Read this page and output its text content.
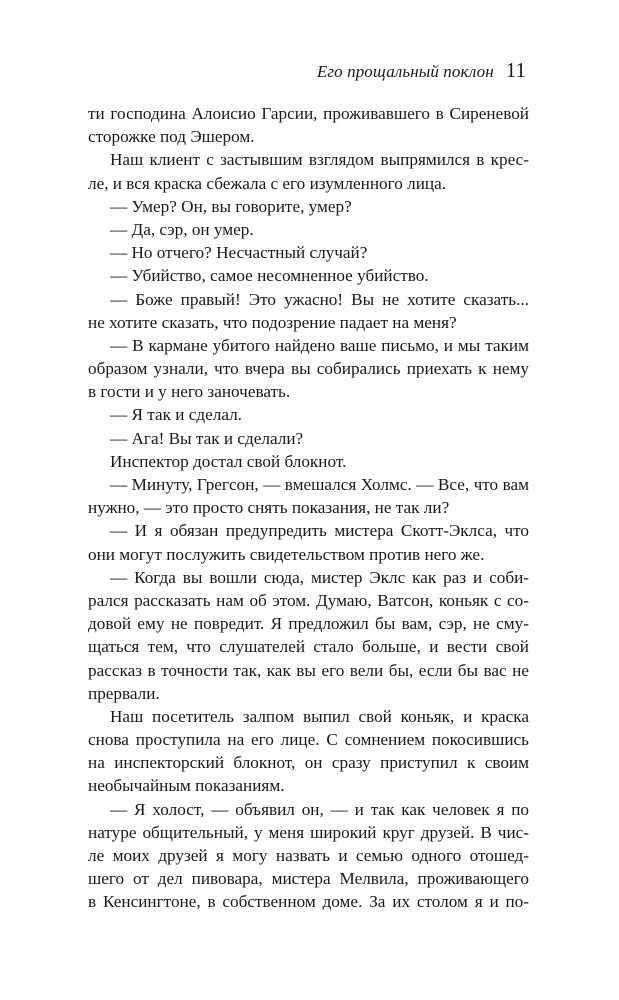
Его прощальный поклон 11
ти господина Алоисио Гарсии, проживавшего в Сиреневой
сторожке под Эшером.
Наш клиент с застывшим взглядом выпрямился в крес-
ле, и вся краска сбежала с его изумленного лица.
— Умер? Он, вы говорите, умер?
— Да, сэр, он умер.
— Но отчего? Несчастный случай?
— Убийство, самое несомненное убийство.
— Боже правый! Это ужасно! Вы не хотите сказать...
не хотите сказать, что подозрение падает на меня?
— В кармане убитого найдено ваше письмо, и мы таким
образом узнали, что вчера вы собирались приехать к нему
в гости и у него заночевать.
— Я так и сделал.
— Ага! Вы так и сделали?
Инспектор достал свой блокнот.
— Минуту, Грегсон, — вмешался Холмс. — Все, что вам
нужно, — это просто снять показания, не так ли?
— И я обязан предупредить мистера Скотт-Эклса, что
они могут послужить свидетельством против него же.
— Когда вы вошли сюда, мистер Эклс как раз и соби-
рался рассказать нам об этом. Думаю, Ватсон, коньяк с со-
довой ему не повредит. Я предложил бы вам, сэр, не сму-
щаться тем, что слушателей стало больше, и вести свой
рассказ в точности так, как вы его вели бы, если бы вас не
прервали.
Наш посетитель залпом выпил свой коньяк, и краска
снова проступила на его лице. С сомнением покосившись
на инспекторский блокнот, он сразу приступил к своим
необычайным показаниям.
— Я холост, — объявил он, — и так как человек я по
натуре общительный, у меня широкий круг друзей. В чис-
ле моих друзей я могу назвать и семью одного отошед-
шего от дел пивовара, мистера Мелвила, проживающего
в Кенсингтоне, в собственном доме. За их столом я и по-
